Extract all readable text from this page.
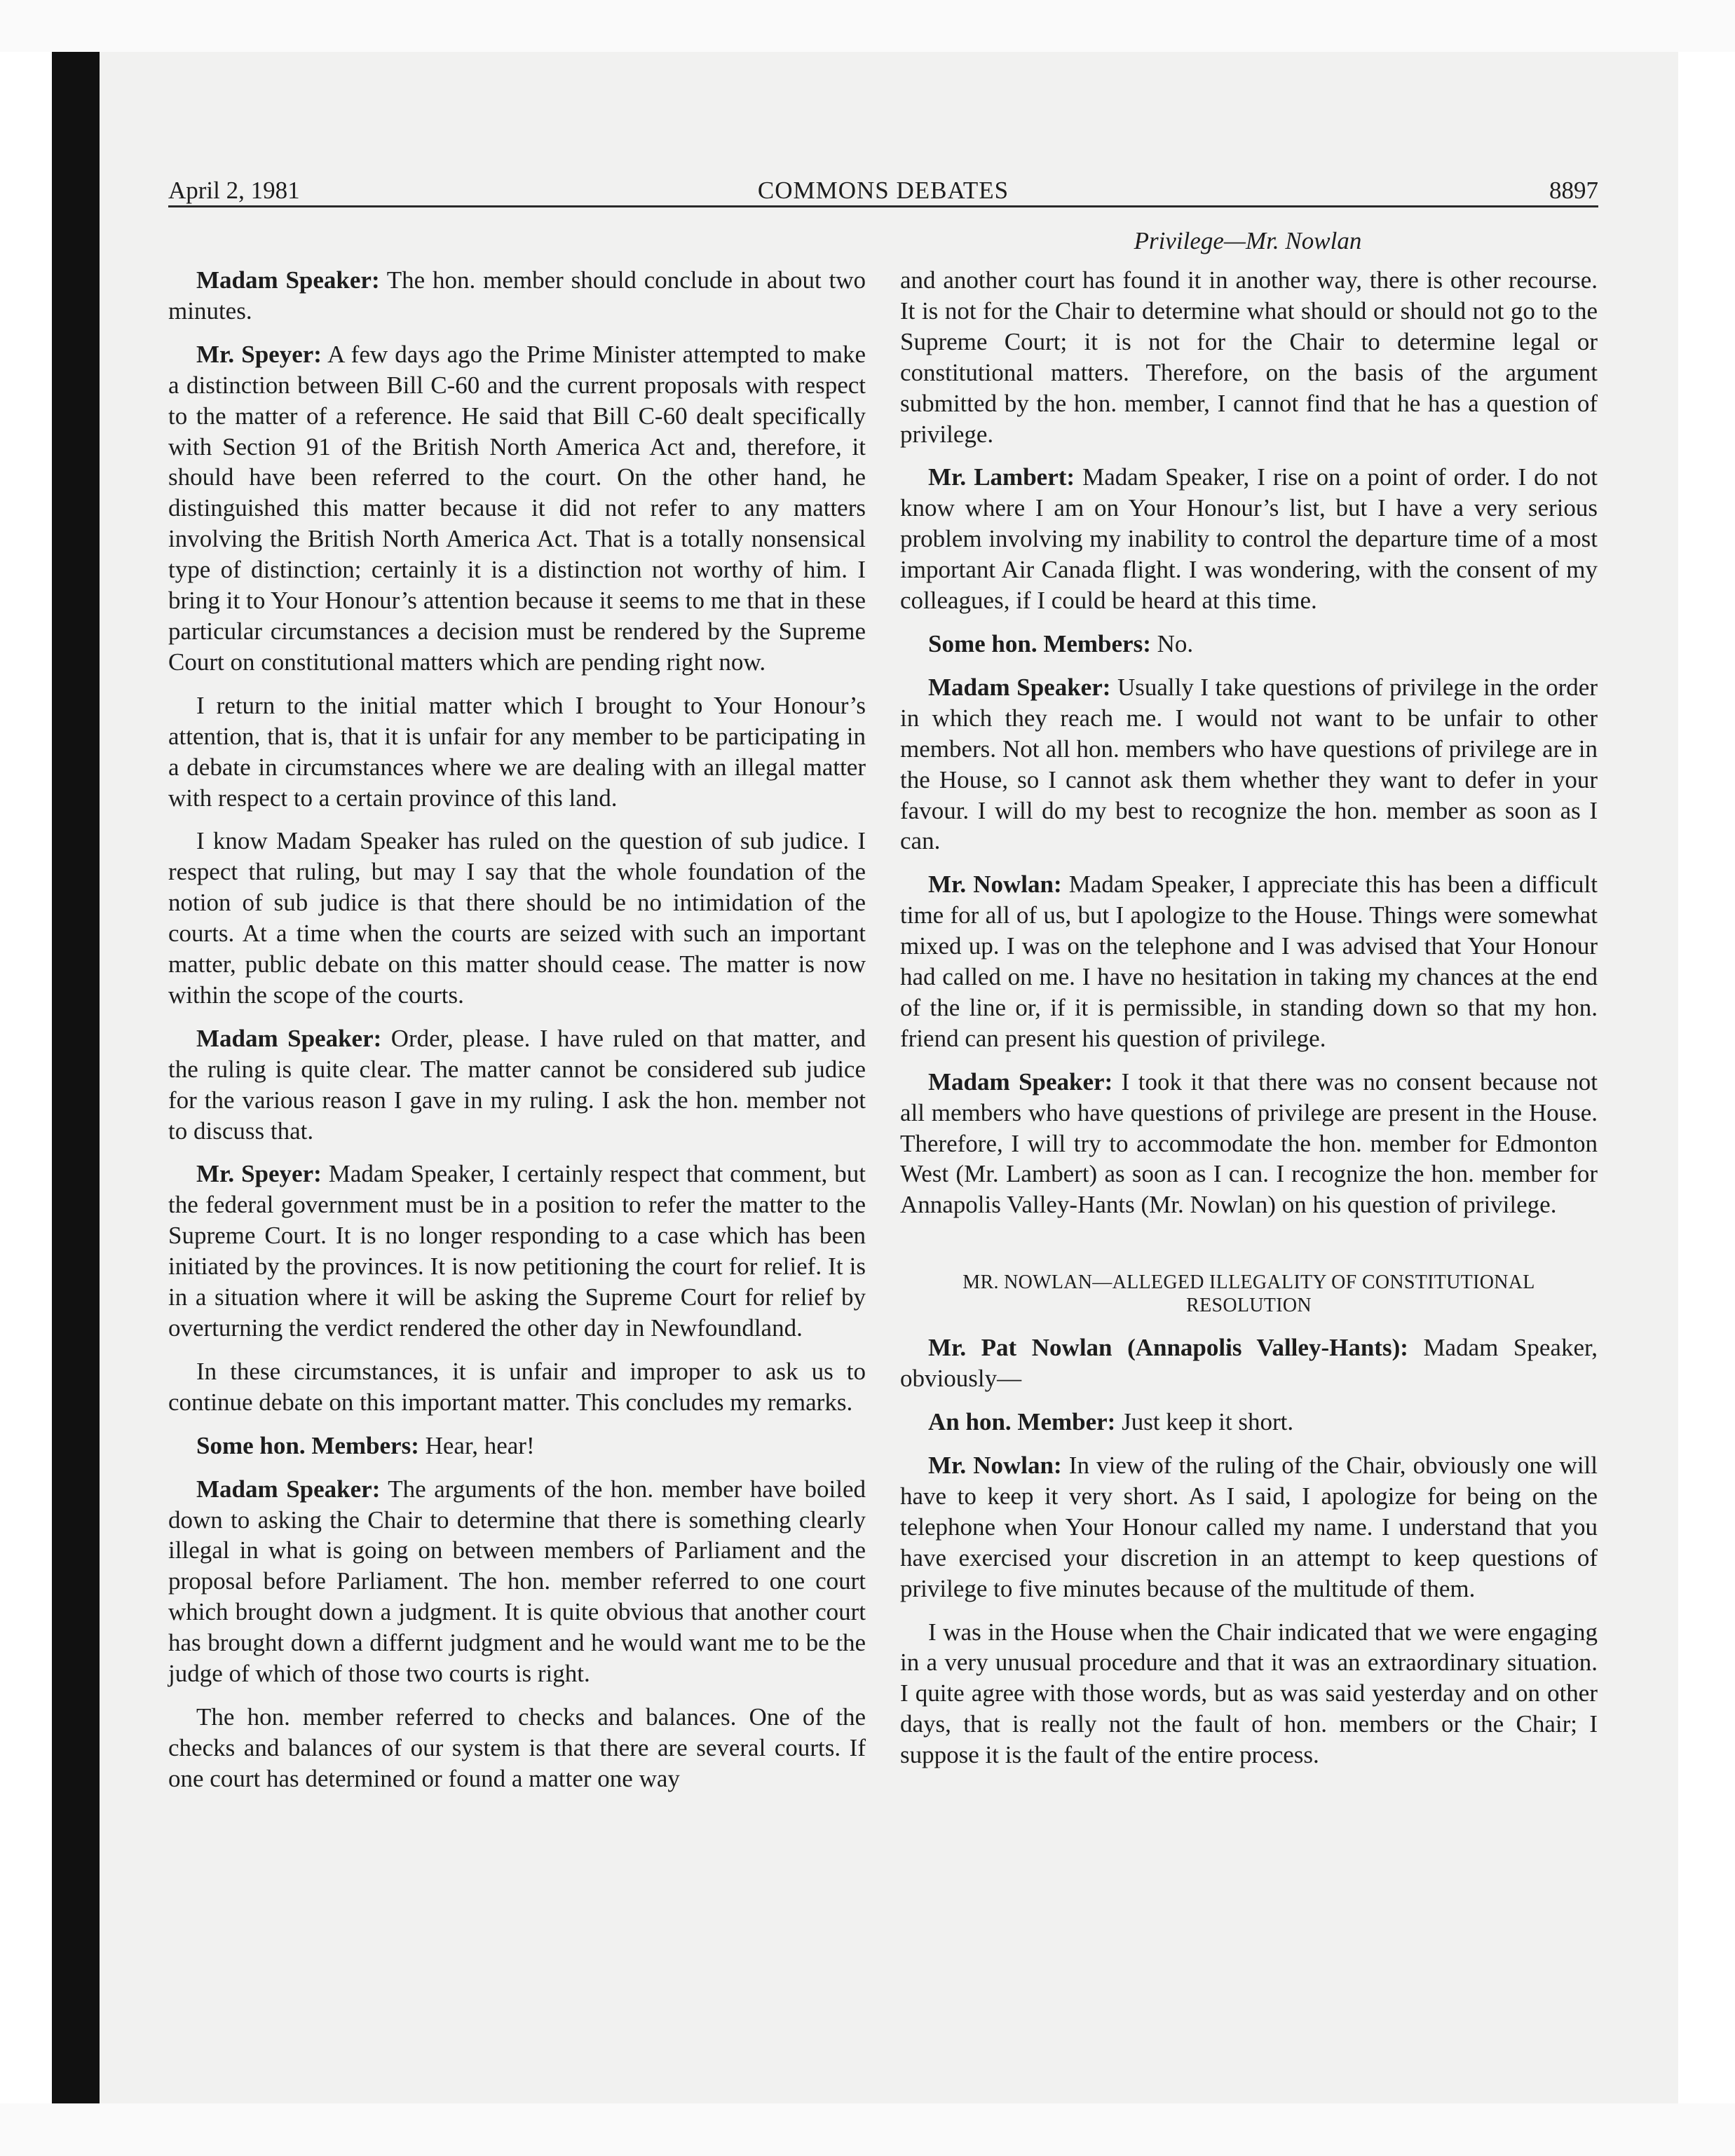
April 2, 1981	COMMONS DEBATES	8897
Privilege—Mr. Nowlan

Madam Speaker: The hon. member should conclude in about two minutes.

Mr. Speyer: A few days ago the Prime Minister attempted to make a distinction between Bill C-60 and the current proposals with respect to the matter of a reference. He said that Bill C-60 dealt specifically with Section 91 of the British North America Act and, therefore, it should have been referred to the court. On the other hand, he distinguished this matter because it did not refer to any matters involving the British North America Act. That is a totally nonsensical type of distinction; certainly it is a distinction not worthy of him. I bring it to Your Honour’s attention because it seems to me that in these particular circumstances a decision must be rendered by the Supreme Court on constitutional matters which are pending right now.

I return to the initial matter which I brought to Your Honour’s attention, that is, that it is unfair for any member to be participating in a debate in circumstances where we are dealing with an illegal matter with respect to a certain province of this land.

I know Madam Speaker has ruled on the question of sub judice. I respect that ruling, but may I say that the whole foundation of the notion of sub judice is that there should be no intimidation of the courts. At a time when the courts are seized with such an important matter, public debate on this matter should cease. The matter is now within the scope of the courts.

Madam Speaker: Order, please. I have ruled on that matter, and the ruling is quite clear. The matter cannot be considered sub judice for the various reason I gave in my ruling. I ask the hon. member not to discuss that.

Mr. Speyer: Madam Speaker, I certainly respect that comment, but the federal government must be in a position to refer the matter to the Supreme Court. It is no longer responding to a case which has been initiated by the provinces. It is now petitioning the court for relief. It is in a situation where it will be asking the Supreme Court for relief by overturning the verdict rendered the other day in Newfoundland.

In these circumstances, it is unfair and improper to ask us to continue debate on this important matter. This concludes my remarks.

Some hon. Members: Hear, hear!

Madam Speaker: The arguments of the hon. member have boiled down to asking the Chair to determine that there is something clearly illegal in what is going on between members of Parliament and the proposal before Parliament. The hon. member referred to one court which brought down a judgment. It is quite obvious that another court has brought down a differnt judgment and he would want me to be the judge of which of those two courts is right.

The hon. member referred to checks and balances. One of the checks and balances of our system is that there are several courts. If one court has determined or found a matter one way

and another court has found it in another way, there is other recourse. It is not for the Chair to determine what should or should not go to the Supreme Court; it is not for the Chair to determine legal or constitutional matters. Therefore, on the basis of the argument submitted by the hon. member, I cannot find that he has a question of privilege.

Mr. Lambert: Madam Speaker, I rise on a point of order. I do not know where I am on Your Honour’s list, but I have a very serious problem involving my inability to control the departure time of a most important Air Canada flight. I was wondering, with the consent of my colleagues, if I could be heard at this time.

Some hon. Members: No.

Madam Speaker: Usually I take questions of privilege in the order in which they reach me. I would not want to be unfair to other members. Not all hon. members who have questions of privilege are in the House, so I cannot ask them whether they want to defer in your favour. I will do my best to recognize the hon. member as soon as I can.

Mr. Nowlan: Madam Speaker, I appreciate this has been a difficult time for all of us, but I apologize to the House. Things were somewhat mixed up. I was on the telephone and I was advised that Your Honour had called on me. I have no hesitation in taking my chances at the end of the line or, if it is permissible, in standing down so that my hon. friend can present his question of privilege.

Madam Speaker: I took it that there was no consent because not all members who have questions of privilege are present in the House. Therefore, I will try to accommodate the hon. member for Edmonton West (Mr. Lambert) as soon as I can. I recognize the hon. member for Annapolis Valley-Hants (Mr. Nowlan) on his question of privilege.

MR. NOWLAN—ALLEGED ILLEGALITY OF CONSTITUTIONAL RESOLUTION

Mr. Pat Nowlan (Annapolis Valley-Hants): Madam Speaker, obviously—

An hon. Member: Just keep it short.

Mr. Nowlan: In view of the ruling of the Chair, obviously one will have to keep it very short. As I said, I apologize for being on the telephone when Your Honour called my name. I understand that you have exercised your discretion in an attempt to keep questions of privilege to five minutes because of the multitude of them.

I was in the House when the Chair indicated that we were engaging in a very unusual procedure and that it was an extraordinary situation. I quite agree with those words, but as was said yesterday and on other days, that is really not the fault of hon. members or the Chair; I suppose it is the fault of the entire process.
